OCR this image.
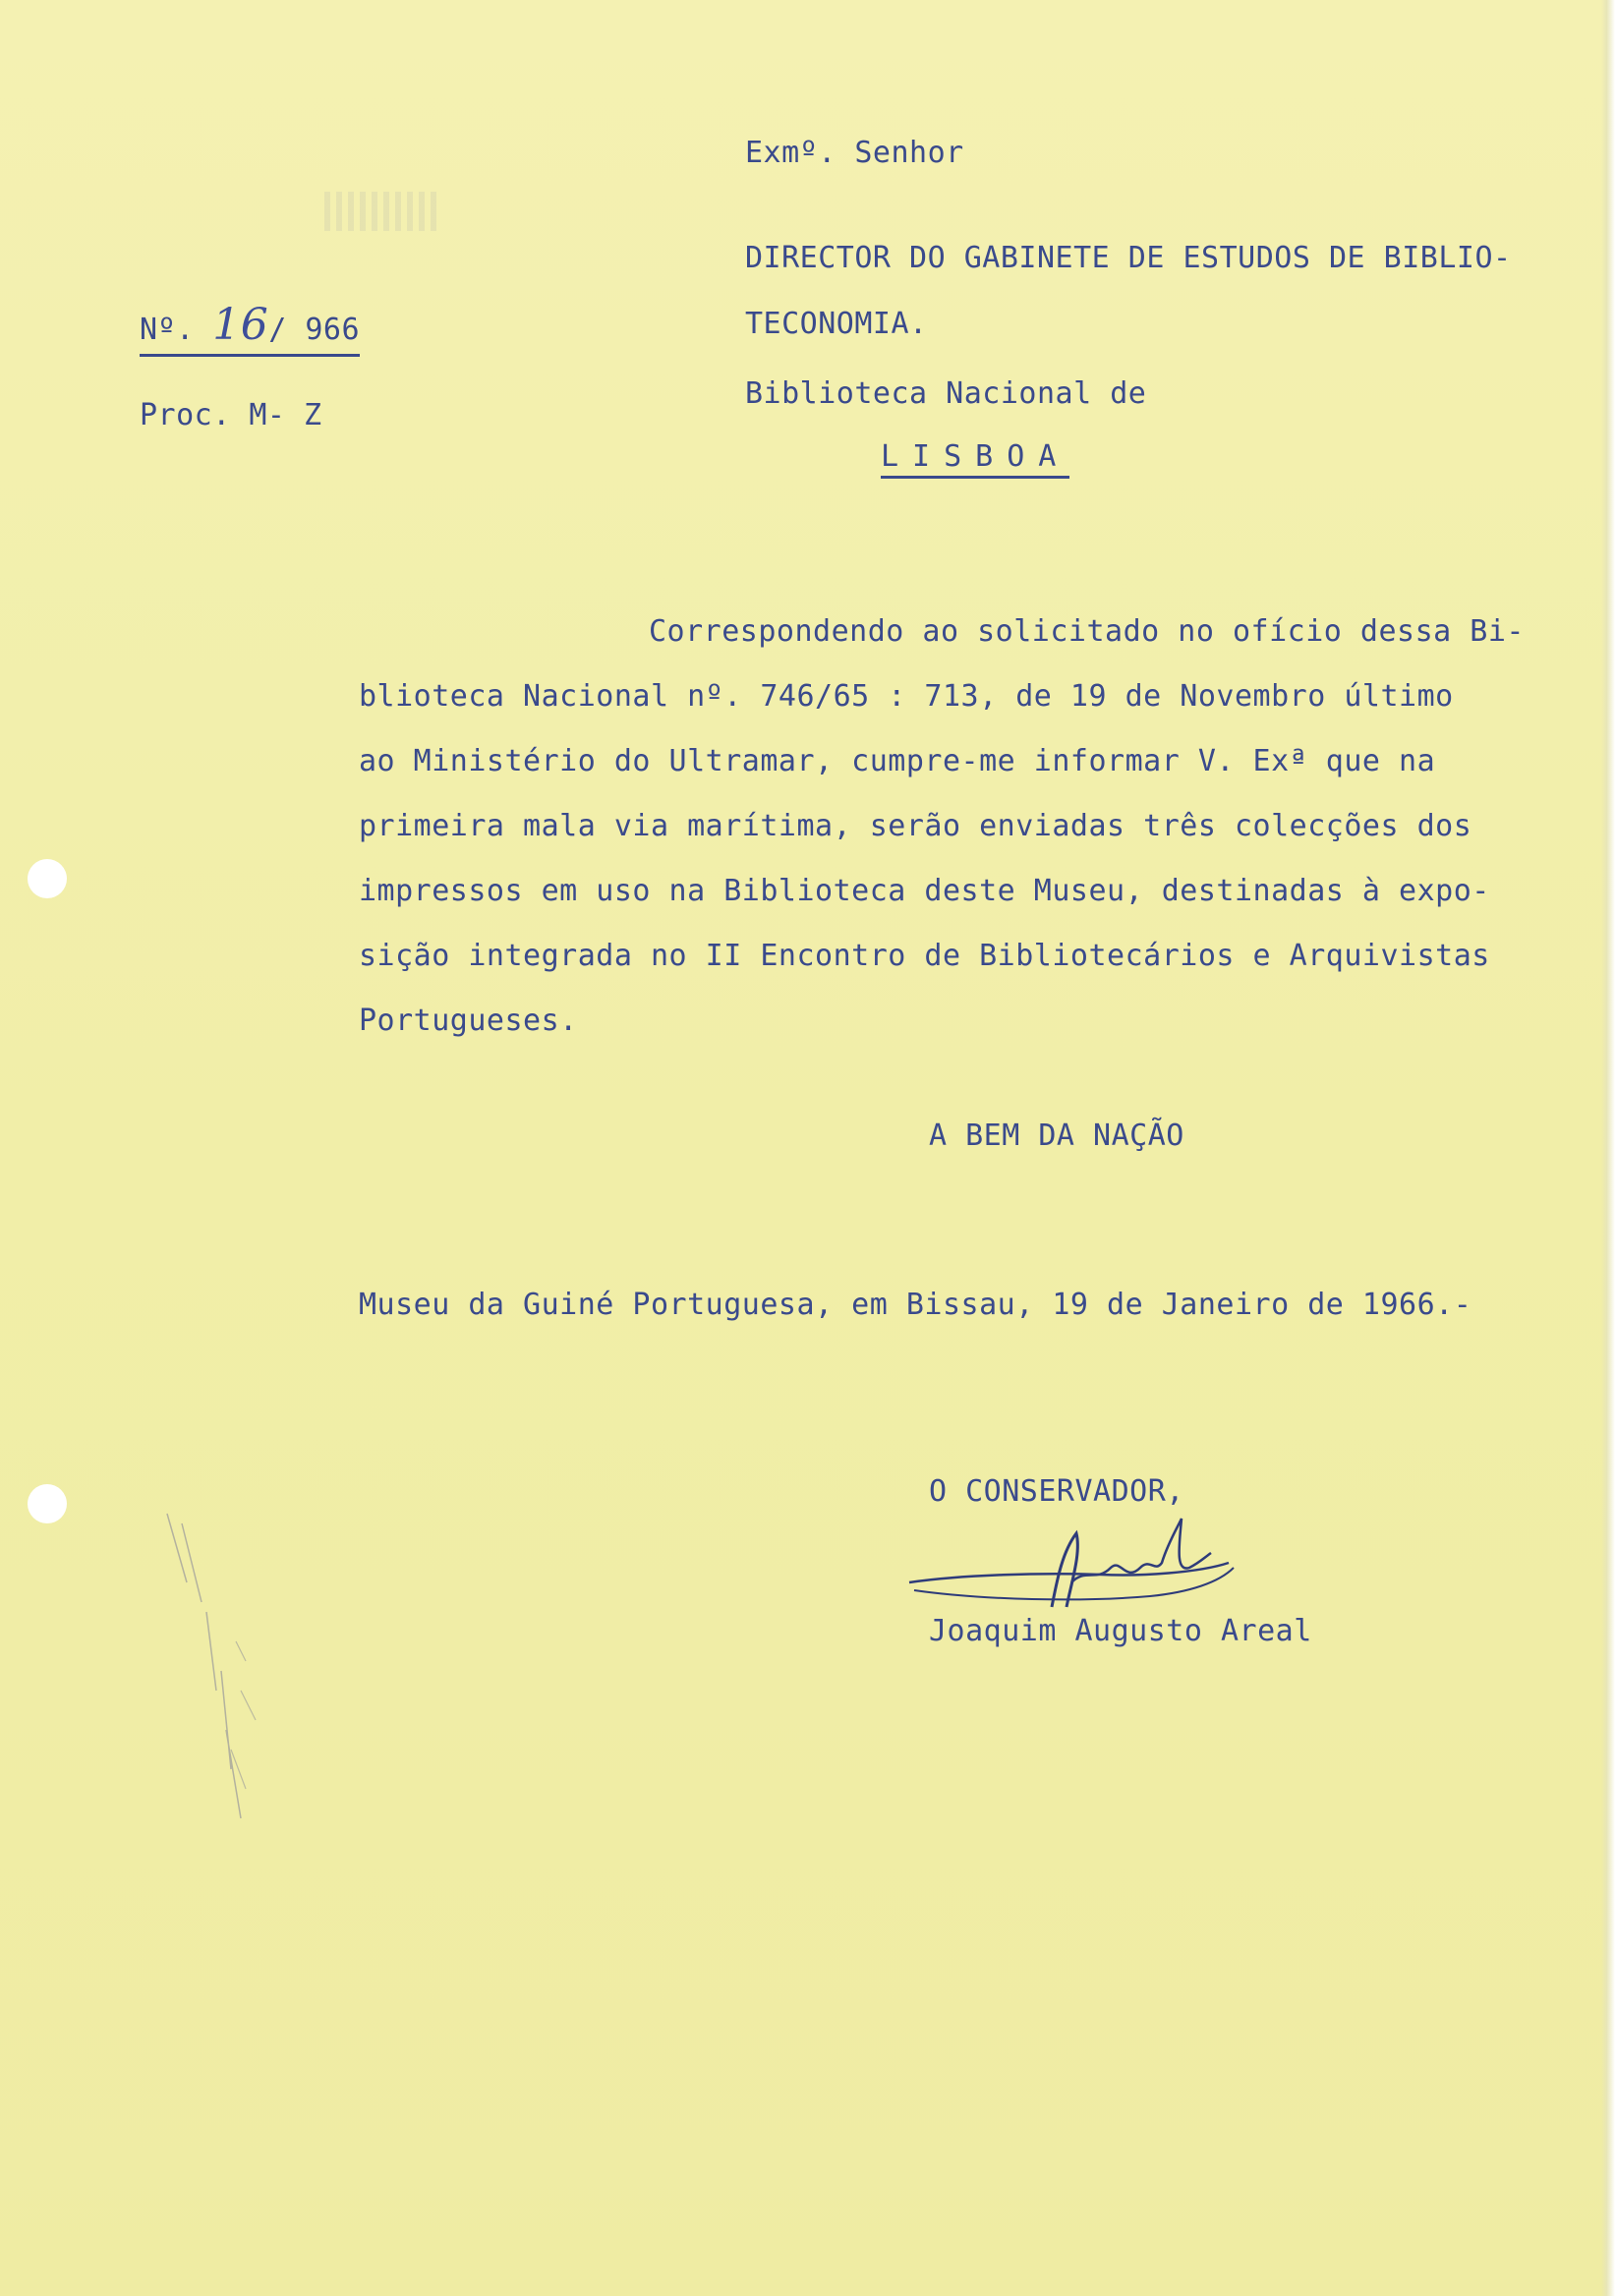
Nº. 16/ 966
Proc. M- Z
Exmº. Senhor
DIRECTOR DO GABINETE DE ESTUDOS DE BIBLIO-
TECONOMIA.
Biblioteca Nacional de
LISBOA
Correspondendo ao solicitado no ofício dessa Bi-
blioteca Nacional nº. 746/65 : 713, de 19 de Novembro último
ao Ministério do Ultramar, cumpre-me informar V. Exª que na
primeira mala via marítima, serão enviadas três colecções dos
impressos em uso na Biblioteca deste Museu, destinadas à expo-
sição integrada no II Encontro de Bibliotecários e Arquivistas
Portugueses.
A BEM DA NAÇÃO
Museu da Guiné Portuguesa, em Bissau, 19 de Janeiro de 1966.-
O CONSERVADOR,
Joaquim Augusto Areal
